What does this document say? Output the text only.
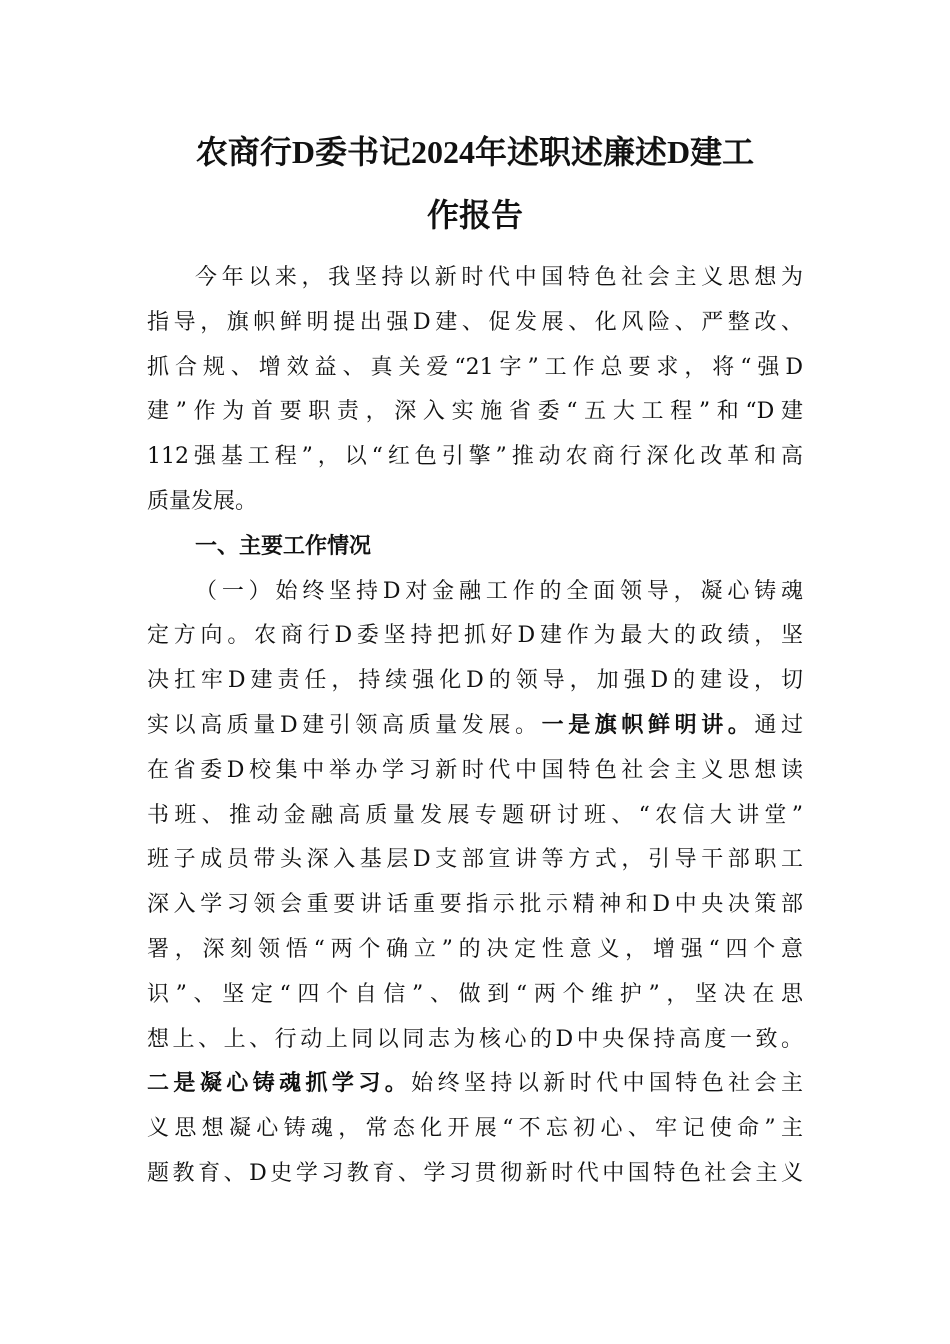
农商行D委书记2024年述职述廉述D建工
作报告
今年以来，我坚持以新时代中国特色社会主义思想为
指导，旗帜鲜明提出强D建、促发展、化风险、严整改、
抓合规、增效益、真关爱“21字”工作总要求，将“强D
建”作为首要职责，深入实施省委“五大工程”和“D建
112强基工程”，以“红色引擎”推动农商行深化改革和高
质量发展。
一、主要工作情况
（一）始终坚持D对金融工作的全面领导，凝心铸魂
定方向。农商行D委坚持把抓好D建作为最大的政绩，坚
决扛牢D建责任，持续强化D的领导，加强D的建设，切
实以高质量D建引领高质量发展。一是旗帜鲜明讲。通过
在省委D校集中举办学习新时代中国特色社会主义思想读
书班、推动金融高质量发展专题研讨班、“农信大讲堂”
班子成员带头深入基层D支部宣讲等方式，引导干部职工
深入学习领会重要讲话重要指示批示精神和D中央决策部
署，深刻领悟“两个确立”的决定性意义，增强“四个意
识”、坚定“四个自信”、做到“两个维护”，坚决在思
想上、上、行动上同以同志为核心的D中央保持高度一致。
二是凝心铸魂抓学习。始终坚持以新时代中国特色社会主
义思想凝心铸魂，常态化开展“不忘初心、牢记使命”主
题教育、D史学习教育、学习贯彻新时代中国特色社会主义
